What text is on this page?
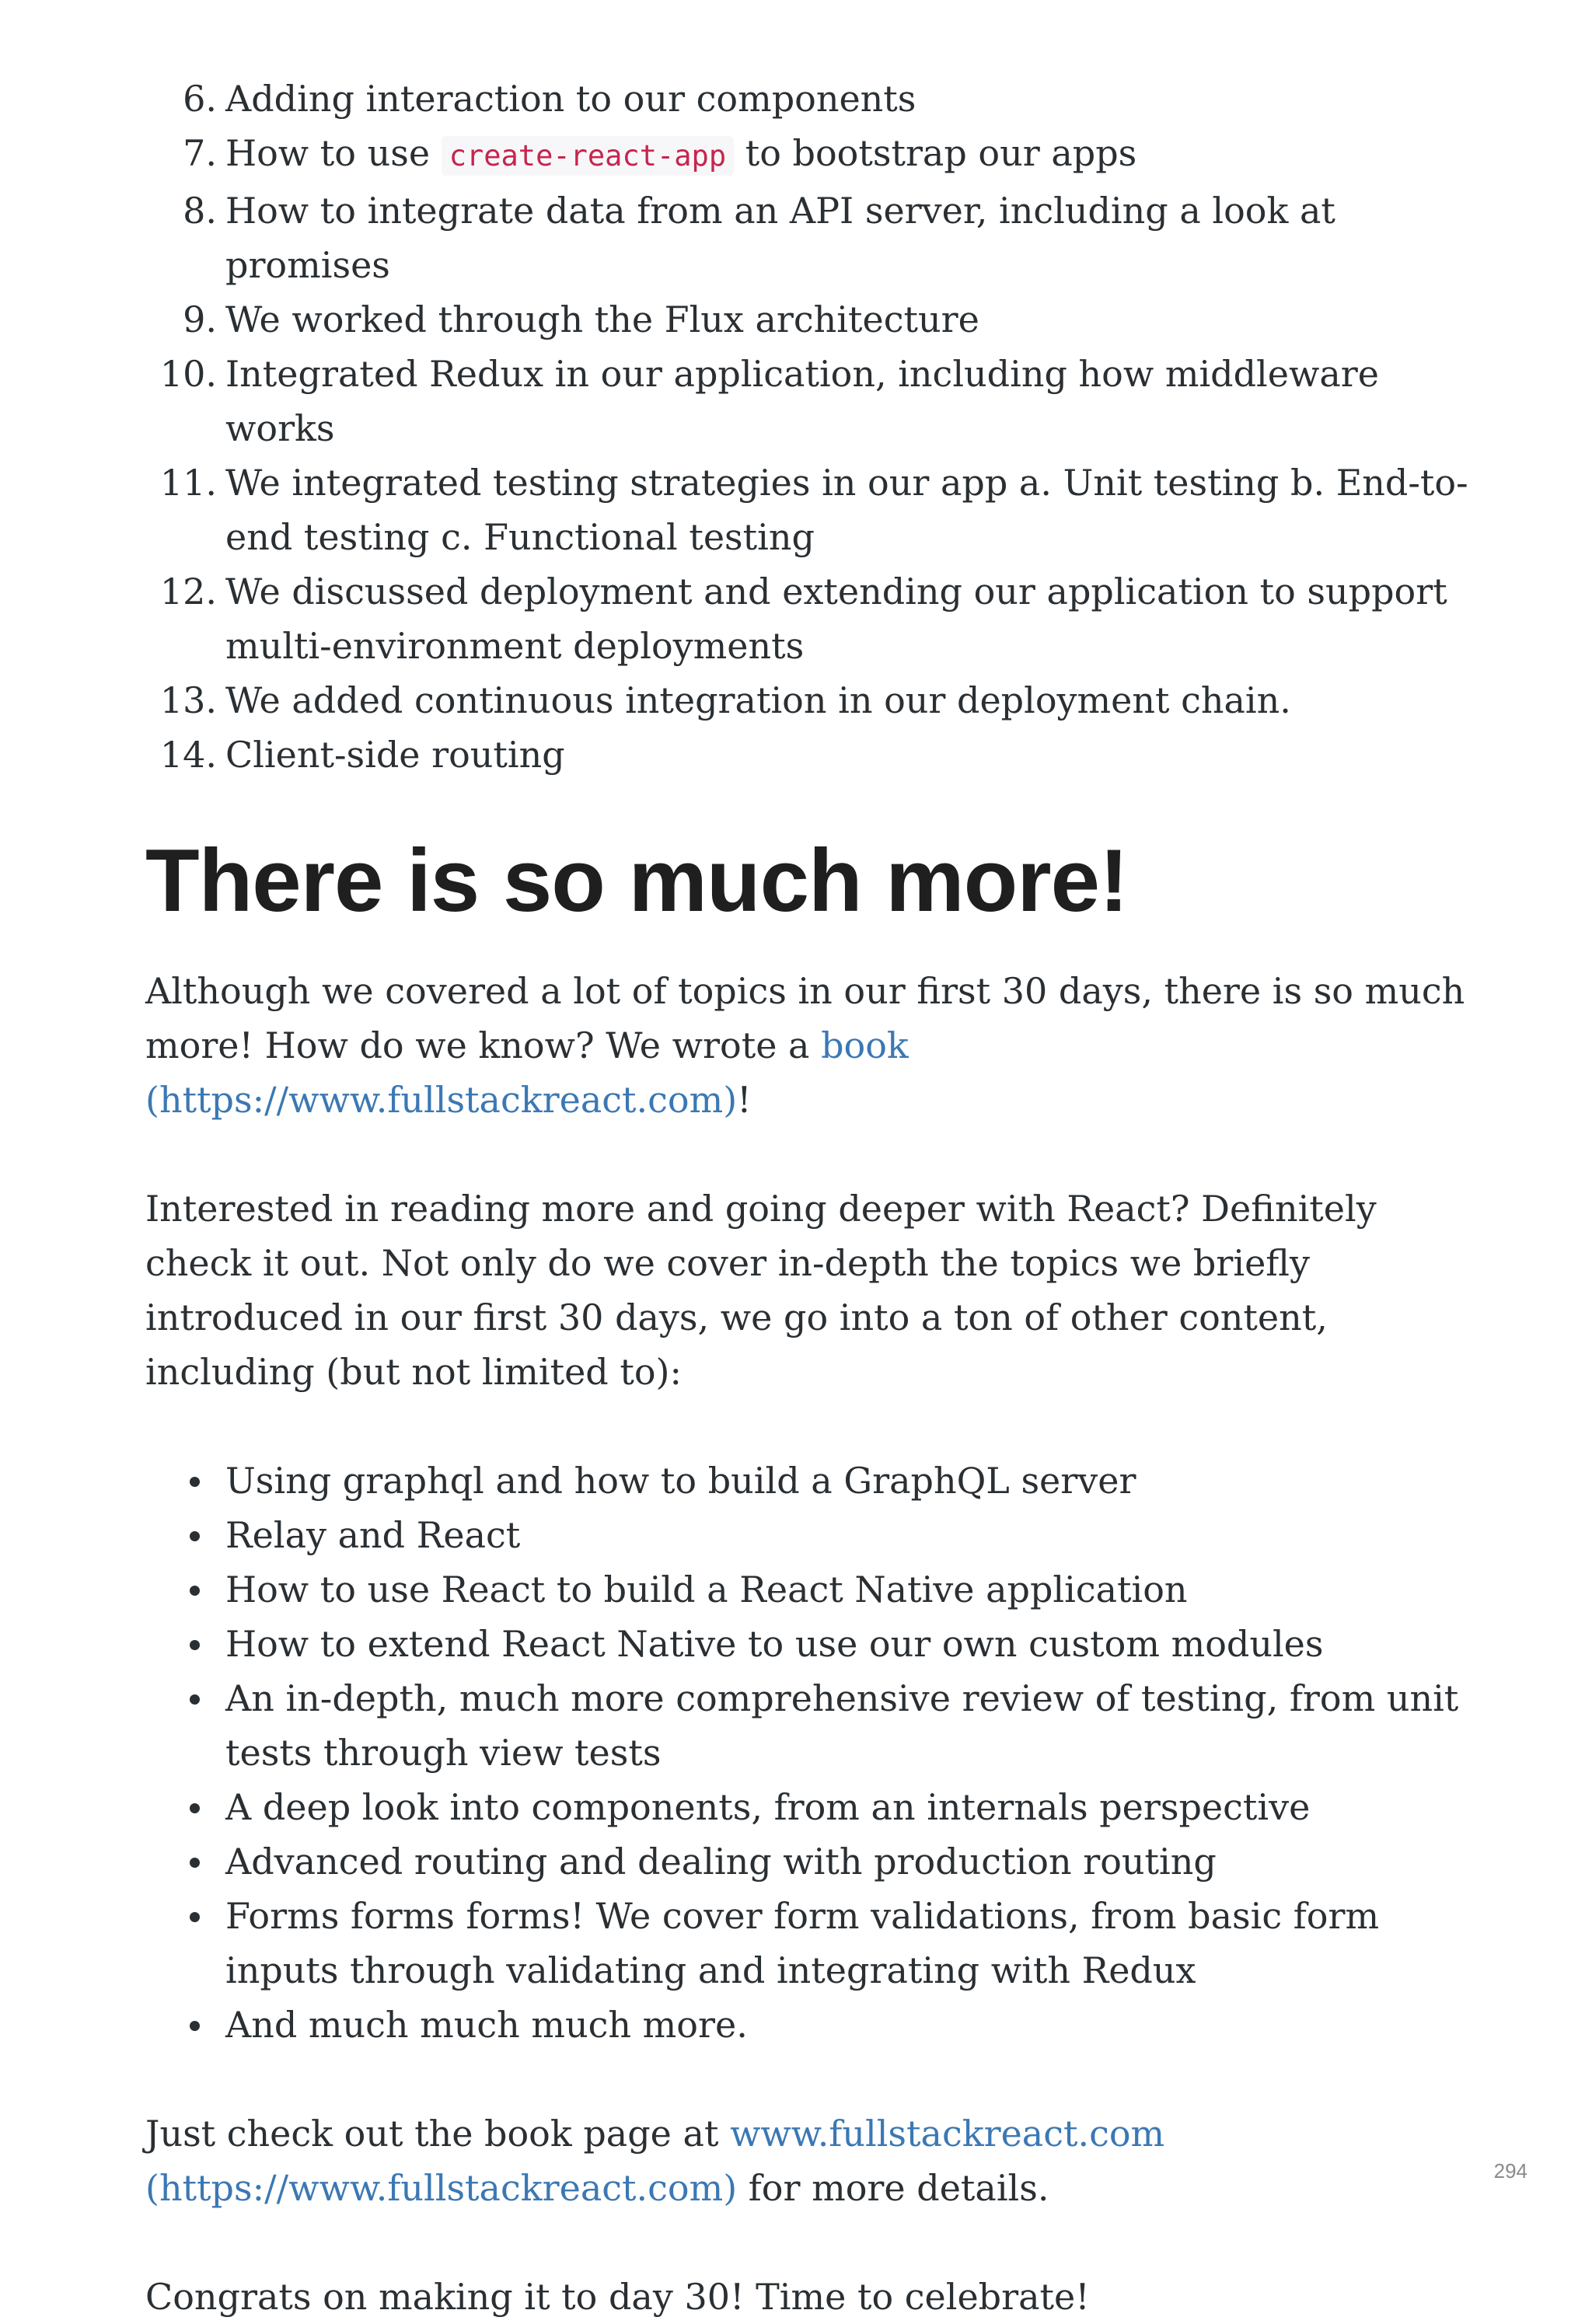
6. Adding interaction to our components
7. How to use create-react-app to bootstrap our apps
8. How to integrate data from an API server, including a look at promises
9. We worked through the Flux architecture
10. Integrated Redux in our application, including how middleware works
11. We integrated testing strategies in our app a. Unit testing b. End-to-end testing c. Functional testing
12. We discussed deployment and extending our application to support multi-environment deployments
13. We added continuous integration in our deployment chain.
14. Client-side routing
There is so much more!

Although we covered a lot of topics in our first 30 days, there is so much more! How do we know? We wrote a book (https://www.fullstackreact.com)!

Interested in reading more and going deeper with React? Definitely check it out. Not only do we cover in-depth the topics we briefly introduced in our first 30 days, we go into a ton of other content, including (but not limited to):

Using graphql and how to build a GraphQL server
Relay and React
How to use React to build a React Native application
How to extend React Native to use our own custom modules
An in-depth, much more comprehensive review of testing, from unit tests through view tests
A deep look into components, from an internals perspective
Advanced routing and dealing with production routing
Forms forms forms! We cover form validations, from basic form inputs through validating and integrating with Redux
And much much much more.

Just check out the book page at www.fullstackreact.com (https://www.fullstackreact.com) for more details.

Congrats on making it to day 30! Time to celebrate!

294
